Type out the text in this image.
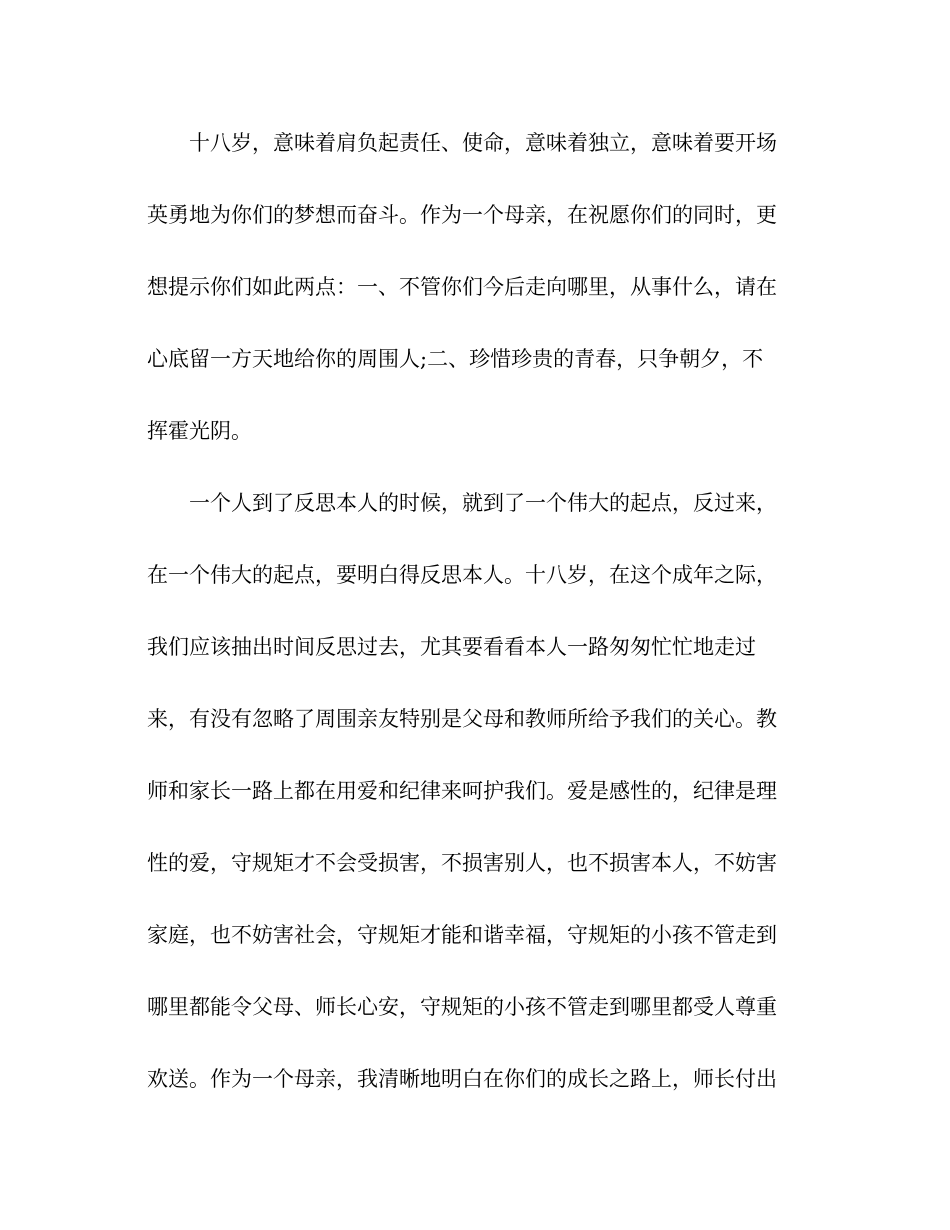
十八岁，意味着肩负起责任、使命，意味着独立，意味着要开场
英勇地为你们的梦想而奋斗。作为一个母亲，在祝愿你们的同时，更
想提示你们如此两点：一、不管你们今后走向哪里，从事什么，请在
心底留一方天地给你的周围人;二、珍惜珍贵的青春，只争朝夕，不
挥霍光阴。
一个人到了反思本人的时候，就到了一个伟大的起点，反过来，
在一个伟大的起点，要明白得反思本人。十八岁，在这个成年之际，
我们应该抽出时间反思过去，尤其要看看本人一路匆匆忙忙地走过
来，有没有忽略了周围亲友特别是父母和教师所给予我们的关心。教
师和家长一路上都在用爱和纪律来呵护我们。爱是感性的，纪律是理
性的爱，守规矩才不会受损害，不损害别人，也不损害本人，不妨害
家庭，也不妨害社会，守规矩才能和谐幸福，守规矩的小孩不管走到
哪里都能令父母、师长心安，守规矩的小孩不管走到哪里都受人尊重
欢送。作为一个母亲，我清晰地明白在你们的成长之路上，师长付出
